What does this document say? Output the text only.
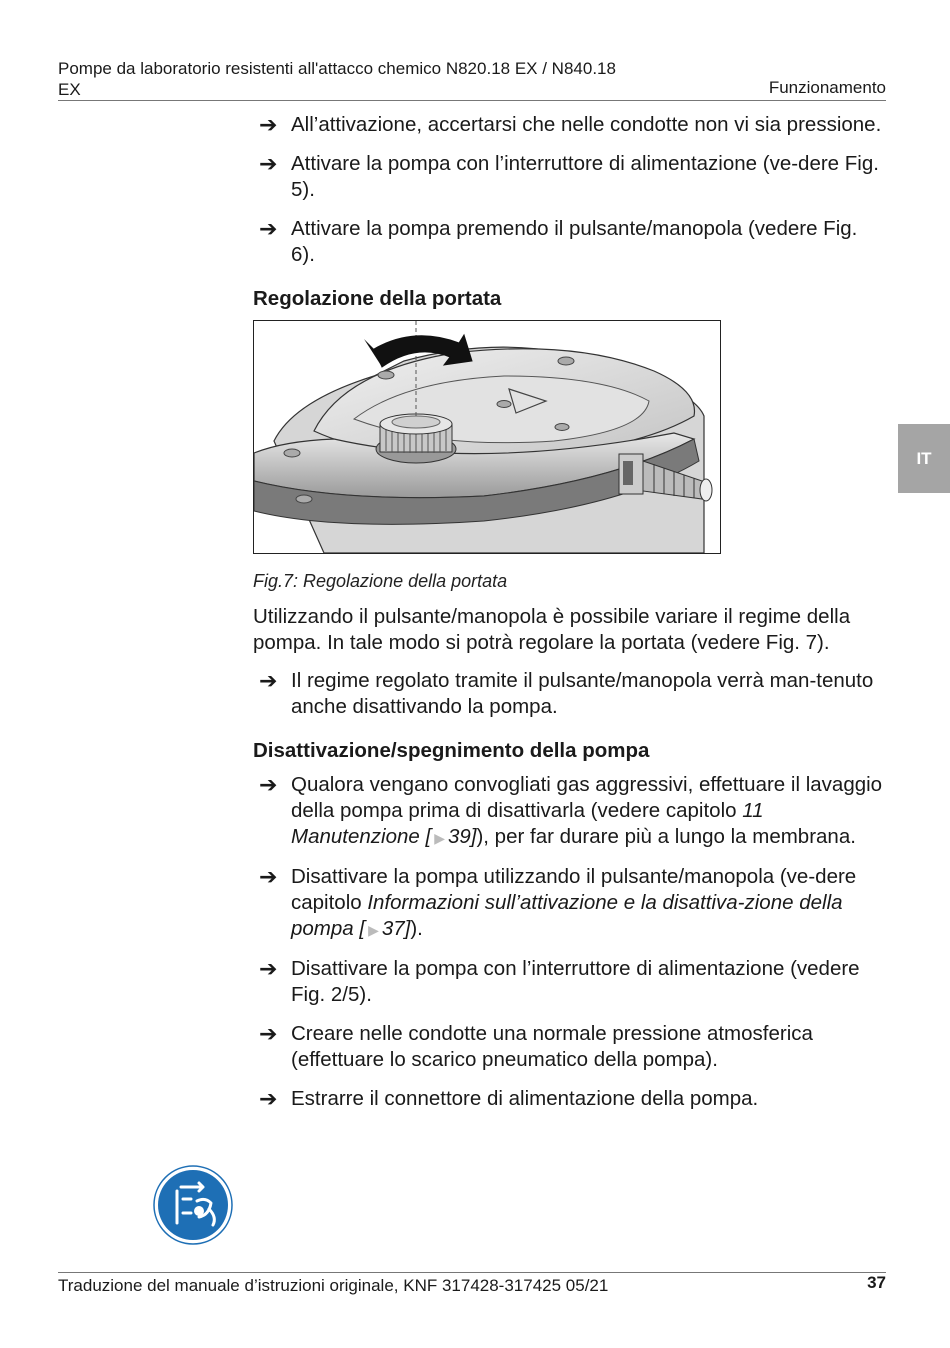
Pompe da laboratorio resistenti all'attacco chemico N820.18 EX / N840.18 EX	Funzionamento
IT
➔ All’attivazione, accertarsi che nelle condotte non vi sia pressione.
➔ Attivare la pompa con l’interruttore di alimentazione (ve-dere Fig. 5).
➔ Attivare la pompa premendo il pulsante/manopola (vedere Fig. 6).
Regolazione della portata
Fig.7: Regolazione della portata
Utilizzando il pulsante/manopola è possibile variare il regime della pompa. In tale modo si potrà regolare la portata (vedere Fig. 7).
➔ Il regime regolato tramite il pulsante/manopola verrà man-tenuto anche disattivando la pompa.
Disattivazione/spegnimento della pompa
➔ Qualora vengano convogliati gas aggressivi, effettuare il lavaggio della pompa prima di disattivarla (vedere capitolo 11 Manutenzione [ ▶ 39]), per far durare più a lungo la membrana.
➔ Disattivare la pompa utilizzando il pulsante/manopola (ve-dere capitolo Informazioni sull’attivazione e la disattiva-zione della pompa [ ▶ 37]).
➔ Disattivare la pompa con l’interruttore di alimentazione (vedere Fig. 2/5).
➔ Creare nelle condotte una normale pressione atmosferica (effettuare lo scarico pneumatico della pompa).
➔ Estrarre il connettore di alimentazione della pompa.
Traduzione del manuale d’istruzioni originale, KNF 317428-317425 05/21	37
